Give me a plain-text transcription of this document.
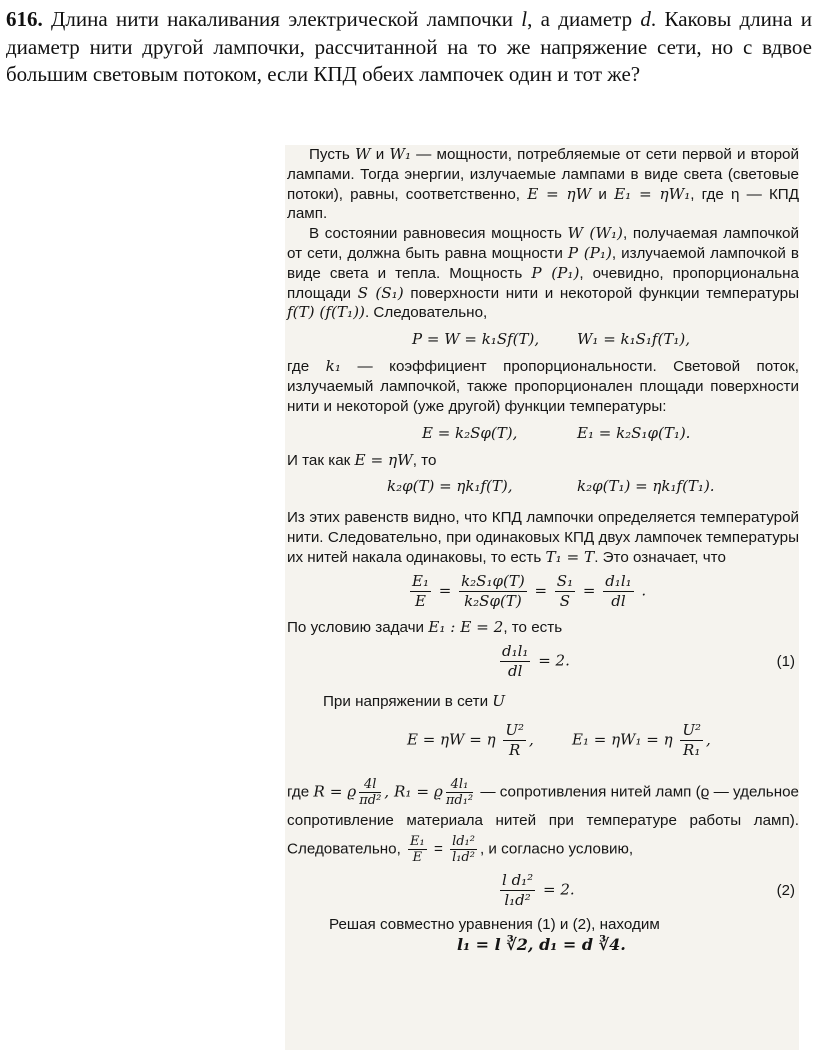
616. Длина нити накаливания электрической лампочки l, а диаметр d. Каковы длина и диаметр нити другой лампочки, рассчитанной на то же напряжение сети, но с вдвое большим световым потоком, если КПД обеих лампочек один и тот же?

Пусть W и W₁ — мощности, потребляемые от сети первой и второй лампами. Тогда энергии, излучаемые лампами в виде света (световые потоки), равны, соответственно, E = ηW и E₁ = ηW₁, где η — КПД ламп.

В состоянии равновесия мощность W (W₁), получаемая лампочкой от сети, должна быть равна мощности P (P₁), излучаемой лампочкой в виде света и тепла. Мощность P (P₁), очевидно, пропорциональна площади S (S₁) поверхности нити и некоторой функции температуры f(T) (f(T₁)). Следовательно,

P = W = k₁Sf(T),	W₁ = k₁S₁f(T₁),

где k₁ — коэффициент пропорциональности. Световой поток, излучаемый лампочкой, также пропорционален площади поверхности нити и некоторой (уже другой) функции температуры:

E = k₂Sφ(T),	E₁ = k₂S₁φ(T₁).

И так как E = ηW, то

k₂φ(T) = ηk₁f(T),	k₂φ(T₁) = ηk₁f(T₁).

Из этих равенств видно, что КПД лампочки определяется температурой нити. Следовательно, при одинаковых КПД двух лампочек температуры их нитей накала одинаковы, то есть T₁ = T. Это означает, что

$\frac{\text{E₁}}{E} = \frac{\text{k₂S₁φ(T)}}{\text{k₂Sφ(T)}} = \frac{\text{S₁}}{S} = \frac{\text{d₁l₁}}{dl}$ .

По условию задачи E₁ : E = 2, то есть

$\frac{\text{d₁l₁}}{dl} = 2$.	(1)

При напряжении в сети U

E = ηW = η $\frac{\text{U²}}{R}$ ,	E₁ = ηW₁ = η $\frac{\text{U²}}{\text{R₁}}$ ,

где R = ϱ $\frac{4l}{\text{πd²}}$ , R₁ = ϱ $\frac{\text{4l₁}}{\text{πd₁²}}$ — сопротивления нитей ламп (ϱ — удельное сопротивление материала нитей при температуре работы ламп). Следовательно, $\frac{\text{E₁}}{E} = \frac{\text{ld₁²}}{\text{l₁d²}}$ , и согласно условию,

$\frac{\text{l d₁²}}{\text{l₁d²}} = 2$.	(2)

Решая совместно уравнения (1) и (2), находим

l₁ = l ∛2, d₁ = d ∛4.
